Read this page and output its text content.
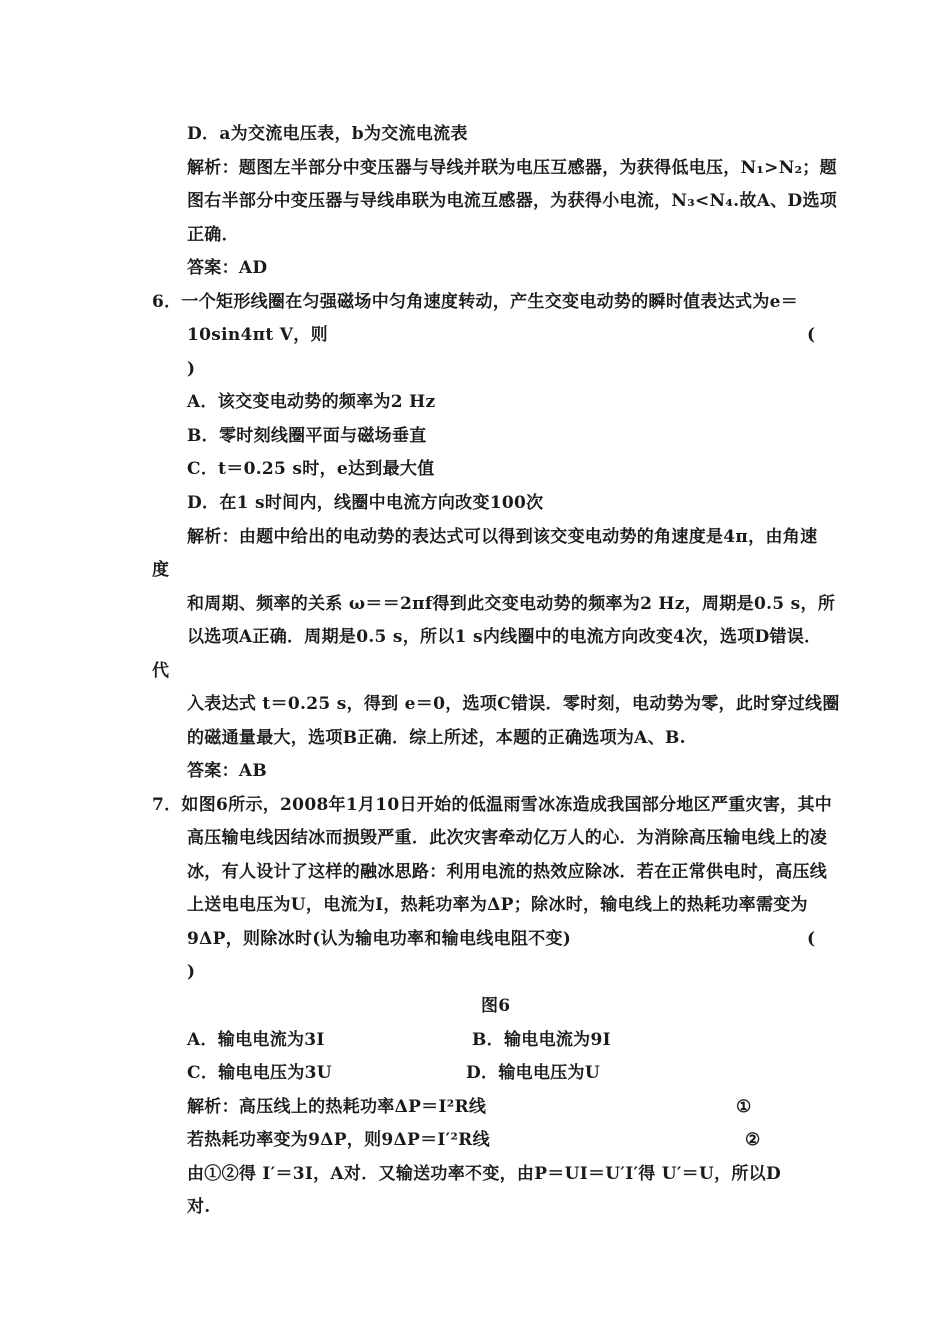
D．a为交流电压表，b为交流电流表
解析：题图左半部分中变压器与导线并联为电压互感器，为获得低电压，N₁>N₂；题
图右半部分中变压器与导线串联为电流互感器，为获得小电流，N₃<N₄.故A、D选项
正确．
答案：AD
6．一个矩形线圈在匀强磁场中匀角速度转动，产生交变电动势的瞬时值表达式为e＝
10sin4πt V，则	(
)
A．该交变电动势的频率为2 Hz
B．零时刻线圈平面与磁场垂直
C．t＝0.25 s时，e达到最大值
D．在1 s时间内，线圈中电流方向改变100次
解析：由题中给出的电动势的表达式可以得到该交变电动势的角速度是4π，由角速
度
和周期、频率的关系 ω＝＝2πf得到此交变电动势的频率为2 Hz，周期是0.5 s，所
以选项A正确．周期是0.5 s，所以1 s内线圈中的电流方向改变4次，选项D错误．
代
入表达式 t＝0.25 s，得到 e＝0，选项C错误．零时刻，电动势为零，此时穿过线圈
的磁通量最大，选项B正确．综上所述，本题的正确选项为A、B.
答案：AB
7．如图6所示，2008年1月10日开始的低温雨雪冰冻造成我国部分地区严重灾害，其中
高压输电线因结冰而损毁严重．此次灾害牵动亿万人的心．为消除高压输电线上的凌
冰，有人设计了这样的融冰思路：利用电流的热效应除冰．若在正常供电时，高压线
上送电电压为U，电流为I，热耗功率为ΔP；除冰时，输电线上的热耗功率需变为
9ΔP，则除冰时(认为输电功率和输电线电阻不变)	(
)
图6
A．输电电流为3I	B．输电电流为9I
C．输电电压为3U	D．输电电压为U
解析：高压线上的热耗功率ΔP＝I²R线	①
若热耗功率变为9ΔP，则9ΔP＝I′²R线	②
由①②得 I′＝3I，A对．又输送功率不变，由P＝UI＝U′I′得 U′＝U，所以D
对.
